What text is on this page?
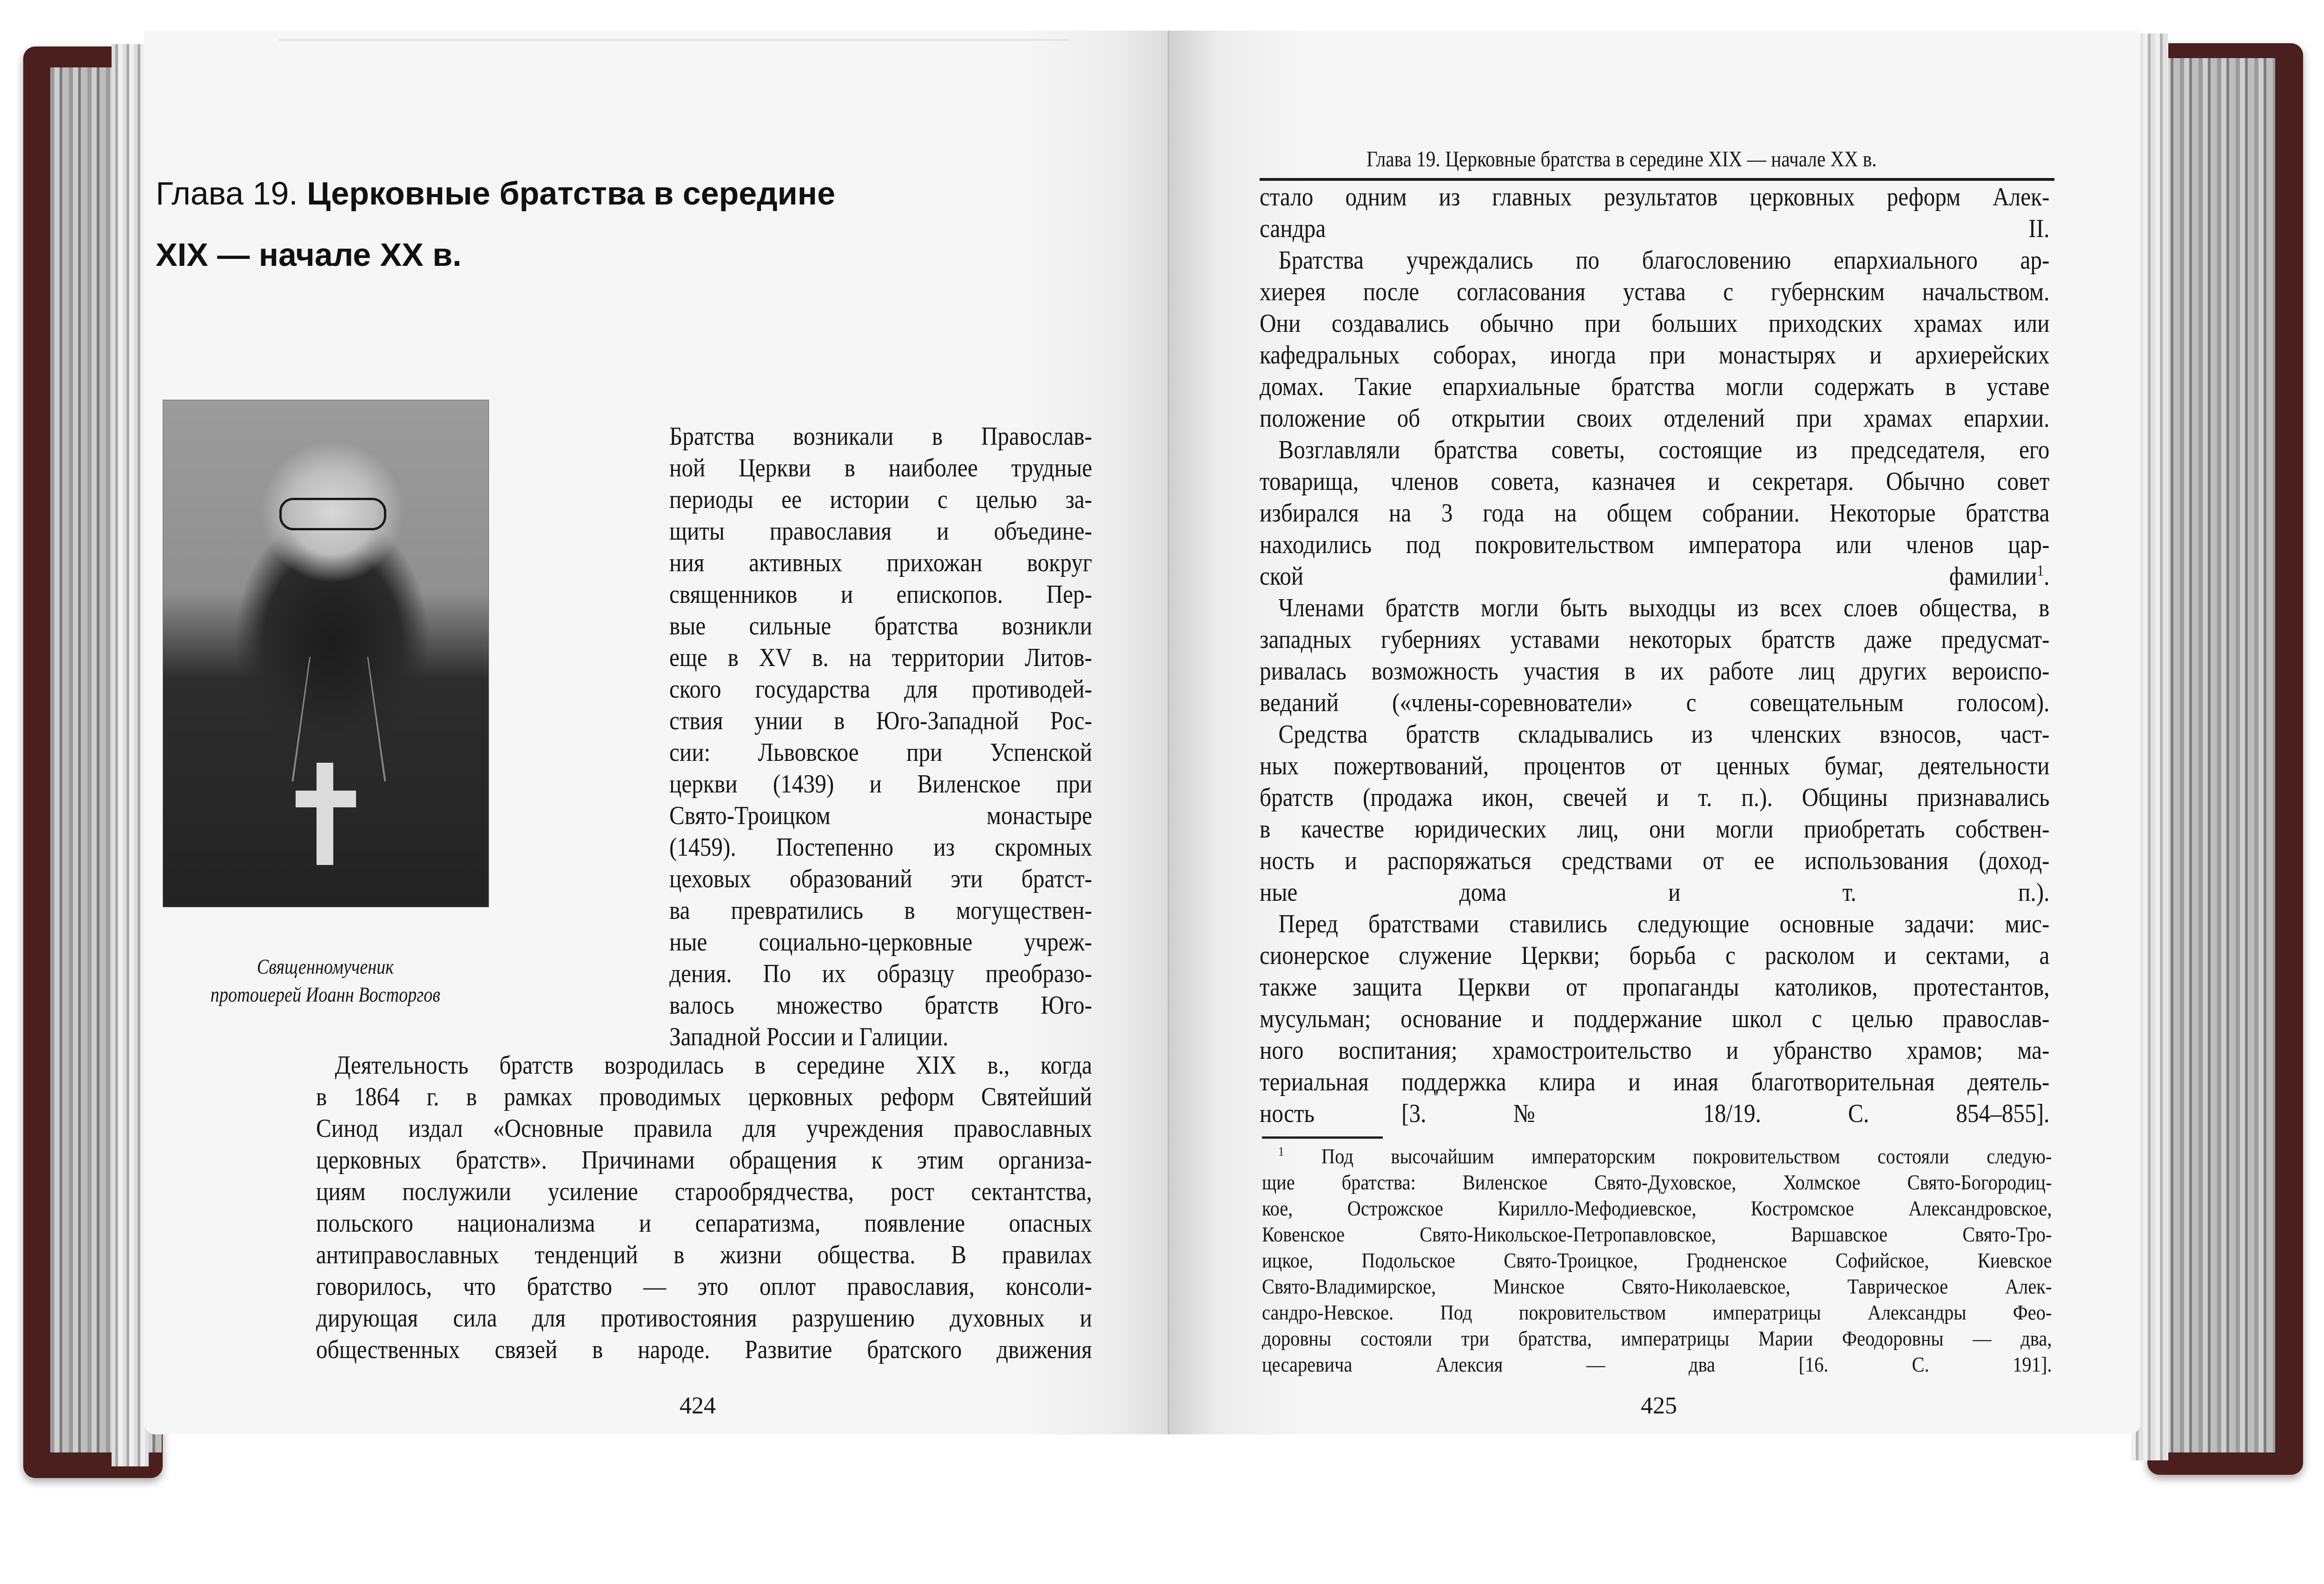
Глава 19. Церковные братства в середине
XIX — начале XX в.
Священномученик
протоиерей Иоанн Восторгов
Братства возникали в Православ-
ной Церкви в наиболее трудные
периоды ее истории с целью за-
щиты православия и объедине-
ния активных прихожан вокруг
священников и епископов. Пер-
вые сильные братства возникли
еще в XV в. на территории Литов-
ского государства для противодей-
ствия унии в Юго-Западной Рос-
сии: Львовское при Успенской
церкви (1439) и Виленское при
Свято-Троицком монастыре
(1459). Постепенно из скромных
цеховых образований эти братст-
ва превратились в могуществен-
ные социально-церковные учреж-
дения. По их образцу преобразо-
валось множество братств Юго-
Западной России и Галиции.
Деятельность братств возродилась в середине XIX в., когда
в 1864 г. в рамках проводимых церковных реформ Святейший
Синод издал «Основные правила для учреждения православных
церковных братств». Причинами обращения к этим организа-
циям послужили усиление старообрядчества, рост сектантства,
польского национализма и сепаратизма, появление опасных
антиправославных тенденций в жизни общества. В правилах
говорилось, что братство — это оплот православия, консоли-
дирующая сила для противостояния разрушению духовных и
общественных связей в народе. Развитие братского движения
424
Глава 19. Церковные братства в середине XIX — начале XX в.
стало одним из главных результатов церковных реформ Алек-
сандра II.
Братства учреждались по благословению епархиального ар-
хиерея после согласования устава с губернским начальством.
Они создавались обычно при больших приходских храмах или
кафедральных соборах, иногда при монастырях и архиерейских
домах. Такие епархиальные братства могли содержать в уставе
положение об открытии своих отделений при храмах епархии.
Возглавляли братства советы, состоящие из председателя, его
товарища, членов совета, казначея и секретаря. Обычно совет
избирался на 3 года на общем собрании. Некоторые братства
находились под покровительством императора или членов цар-
ской фамилии$^1$.
Членами братств могли быть выходцы из всех слоев общества, в
западных губерниях уставами некоторых братств даже предусмат-
ривалась возможность участия в их работе лиц других вероиспо-
веданий («члены-соревнователи» с совещательным голосом).
Средства братств складывались из членских взносов, част-
ных пожертвований, процентов от ценных бумаг, деятельности
братств (продажа икон, свечей и т. п.). Общины признавались
в качестве юридических лиц, они могли приобретать собствен-
ность и распоряжаться средствами от ее использования (доход-
ные дома и т. п.).
Перед братствами ставились следующие основные задачи: мис-
сионерское служение Церкви; борьба с расколом и сектами, а
также защита Церкви от пропаганды католиков, протестантов,
мусульман; основание и поддержание школ с целью православ-
ного воспитания; храмостроительство и убранство храмов; ма-
териальная поддержка клира и иная благотворительная деятель-
ность [3. № 18/19. С. 854–855].
$^1$ Под высочайшим императорским покровительством состояли следую-
щие братства: Виленское Свято-Духовское, Холмское Свято-Богородиц-
кое, Острожское Кирилло-Мефодиевское, Костромское Александровское,
Ковенское Свято-Никольское-Петропавловское, Варшавское Свято-Тро-
ицкое, Подольское Свято-Троицкое, Гродненское Софийское, Киевское
Свято-Владимирское, Минское Свято-Николаевское, Таврическое Алек-
сандро-Невское. Под покровительством императрицы Александры Фео-
доровны состояли три братства, императрицы Марии Феодоровны — два,
цесаревича Алексия — два [16. С. 191].
425
